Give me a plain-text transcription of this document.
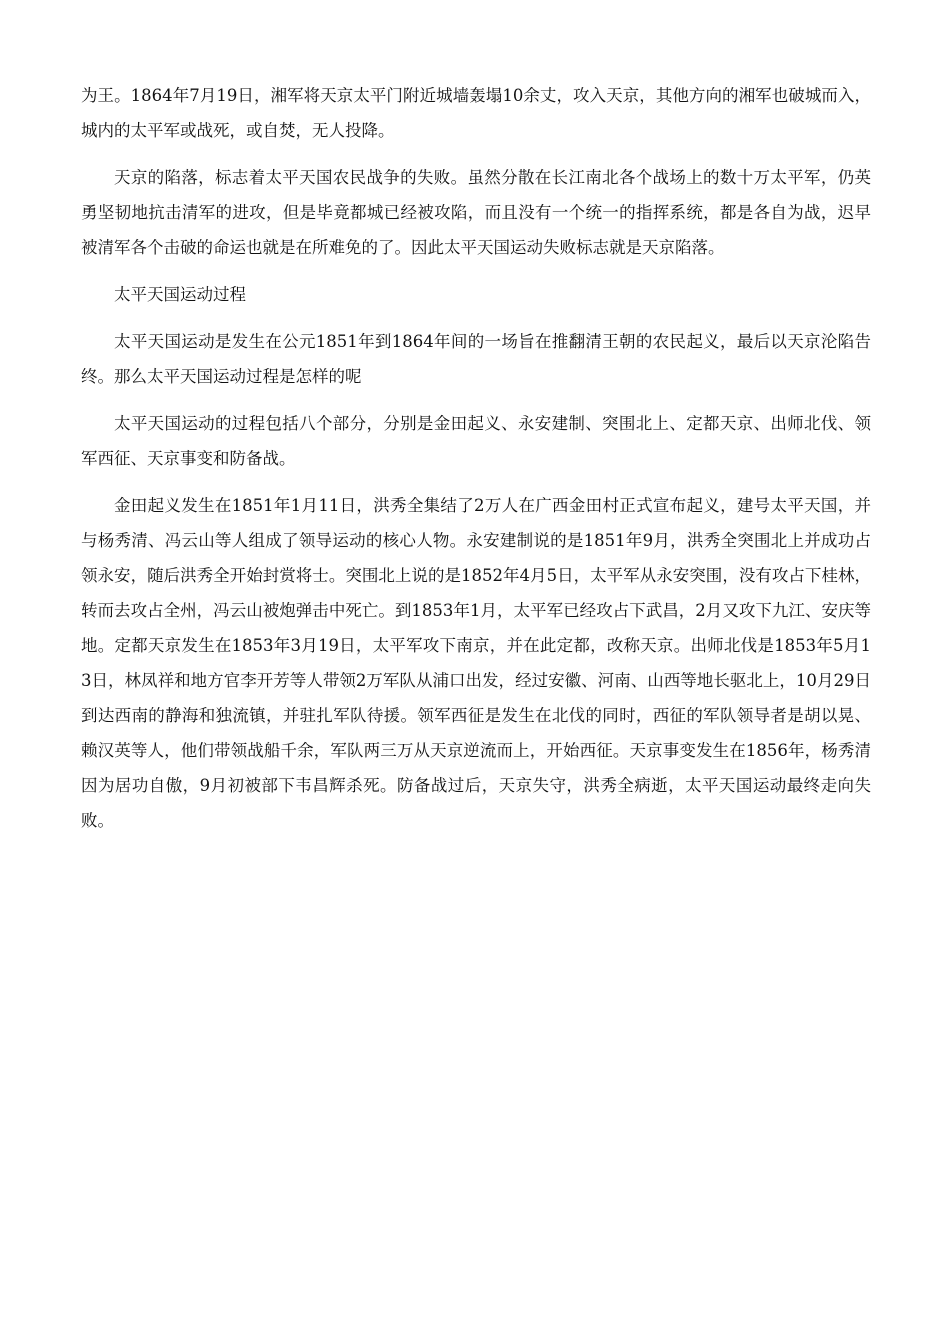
为王。1864年7月19日，湘军将天京太平门附近城墙轰塌10余丈，攻入天京，其他方向的湘军也破城而入，城内的太平军或战死，或自焚，无人投降。

天京的陷落，标志着太平天国农民战争的失败。虽然分散在长江南北各个战场上的数十万太平军，仍英勇坚韧地抗击清军的进攻，但是毕竟都城已经被攻陷，而且没有一个统一的指挥系统，都是各自为战，迟早被清军各个击破的命运也就是在所难免的了。因此太平天国运动失败标志就是天京陷落。

太平天国运动过程

太平天国运动是发生在公元1851年到1864年间的一场旨在推翻清王朝的农民起义，最后以天京沦陷告终。那么太平天国运动过程是怎样的呢

太平天国运动的过程包括八个部分，分别是金田起义、永安建制、突围北上、定都天京、出师北伐、领军西征、天京事变和防备战。

金田起义发生在1851年1月11日，洪秀全集结了2万人在广西金田村正式宣布起义，建号太平天国，并与杨秀清、冯云山等人组成了领导运动的核心人物。永安建制说的是1851年9月，洪秀全突围北上并成功占领永安，随后洪秀全开始封赏将士。突围北上说的是1852年4月5日，太平军从永安突围，没有攻占下桂林，转而去攻占全州，冯云山被炮弹击中死亡。到1853年1月，太平军已经攻占下武昌，2月又攻下九江、安庆等地。定都天京发生在1853年3月19日，太平军攻下南京，并在此定都，改称天京。出师北伐是1853年5月13日，林凤祥和地方官李开芳等人带领2万军队从浦口出发，经过安徽、河南、山西等地长驱北上，10月29日到达西南的静海和独流镇，并驻扎军队待援。领军西征是发生在北伐的同时，西征的军队领导者是胡以晃、赖汉英等人，他们带领战船千余，军队两三万从天京逆流而上，开始西征。天京事变发生在1856年，杨秀清因为居功自傲，9月初被部下韦昌辉杀死。防备战过后，天京失守，洪秀全病逝，太平天国运动最终走向失败。
